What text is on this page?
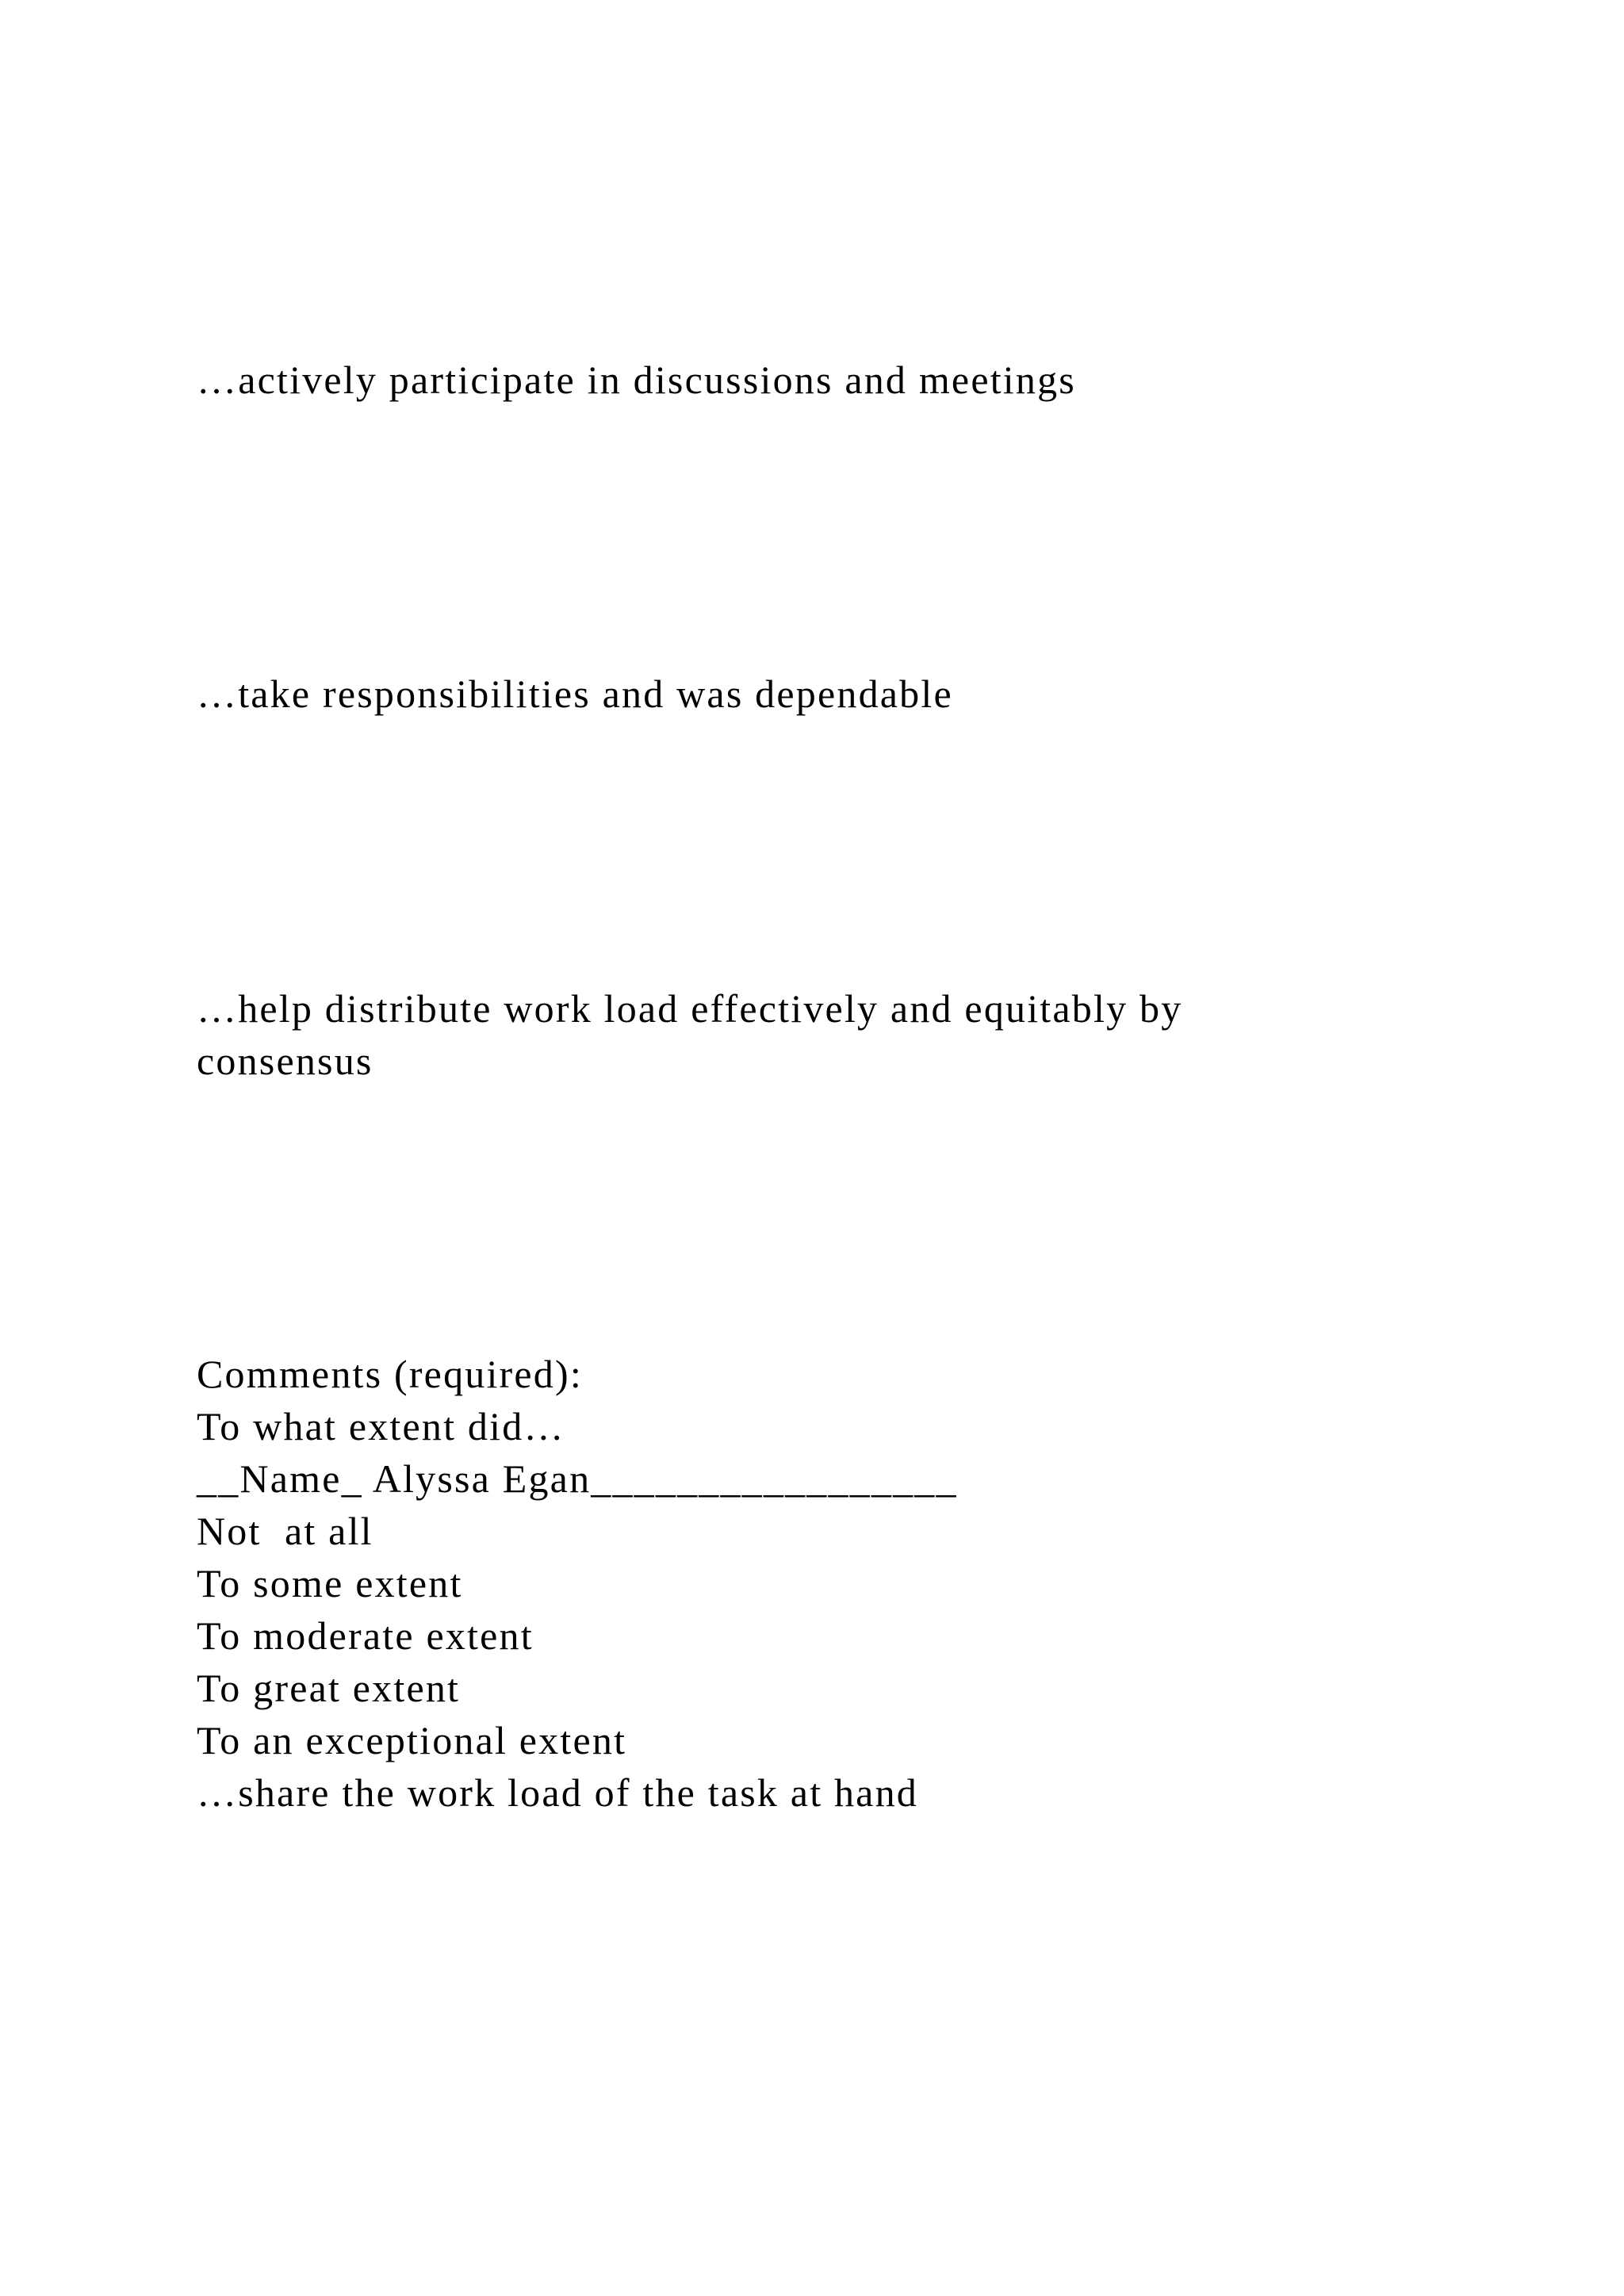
…actively participate in discussions and meetings

…take responsibilities and was dependable

…help distribute work load effectively and equitably by

consensus

Comments (required):
To what extent did…
__Name_ Alyssa Egan_________________
Not  at all
To some extent
To moderate extent
To great extent
To an exceptional extent
…share the work load of the task at hand
